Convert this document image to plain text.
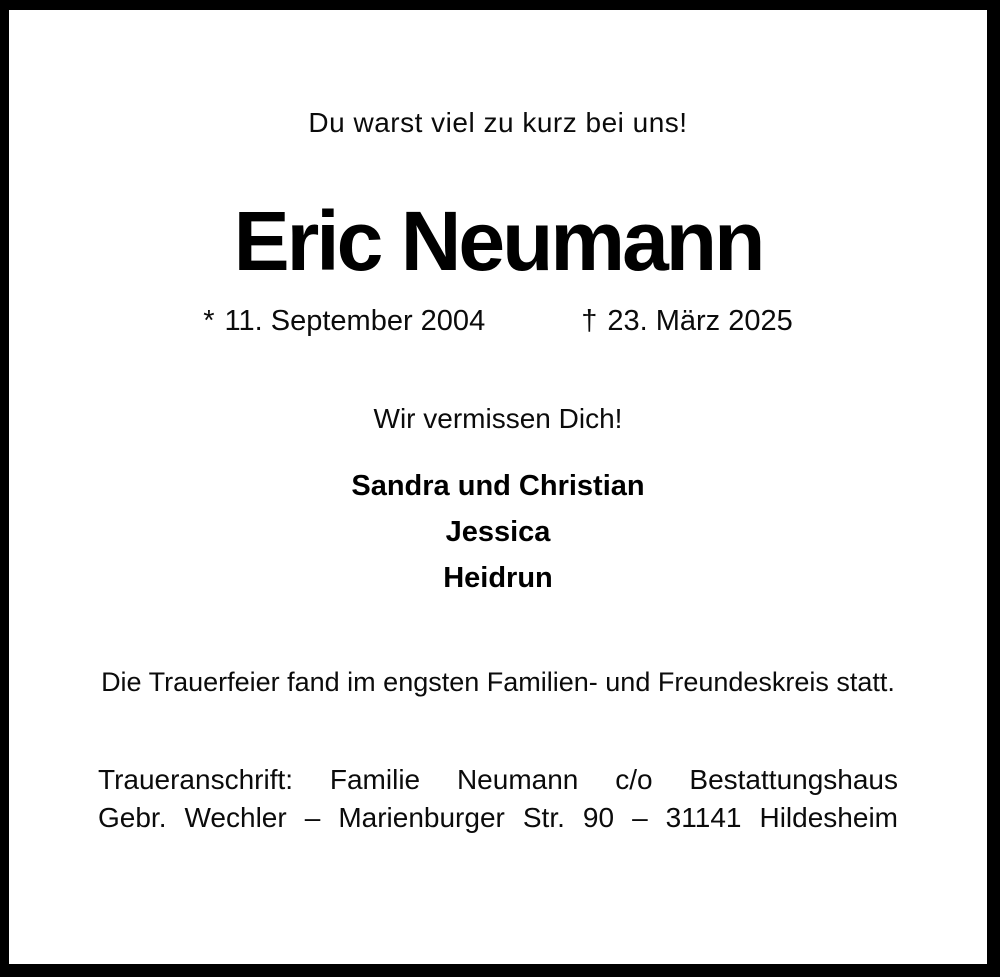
Du warst viel zu kurz bei uns!
Eric Neumann
* 11. September 2004	† 23. März 2025
Wir vermissen Dich!
Sandra und Christian
Jessica
Heidrun
Die Trauerfeier fand im engsten Familien- und Freundeskreis statt.
Traueranschrift: Familie Neumann c/o Bestattungshaus
Gebr. Wechler – Marienburger Str. 90 – 31141 Hildesheim
